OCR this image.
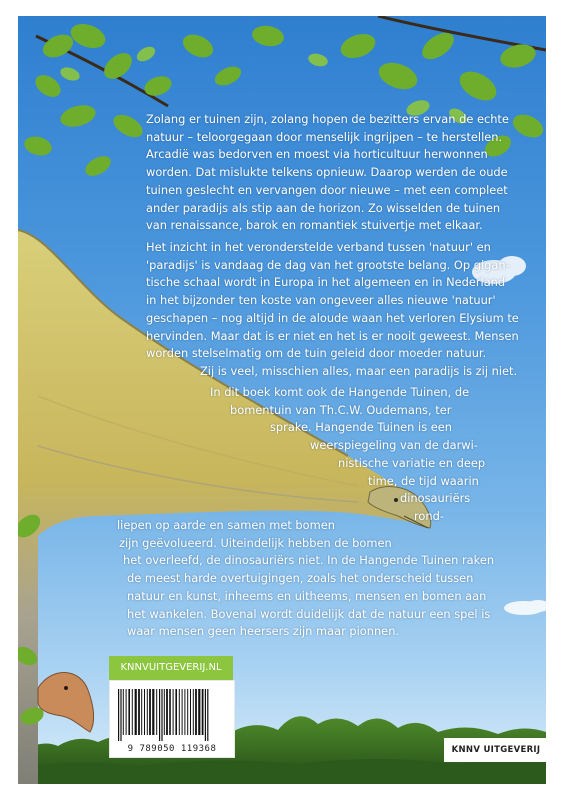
Zolang er tuinen zijn, zolang hopen de bezitters ervan de echte
natuur – teloorgegaan door menselijk ingrijpen – te herstellen.
Arcadië was bedorven en moest via horticultuur herwonnen
worden. Dat mislukte telkens opnieuw. Daarop werden de oude
tuinen geslecht en vervangen door nieuwe – met een compleet
ander paradijs als stip aan de horizon. Zo wisselden de tuinen
van renaissance, barok en romantiek stuivertje met elkaar.
Het inzicht in het veronderstelde verband tussen 'natuur' en
'paradijs' is vandaag de dag van het grootste belang. Op gigan-
tische schaal wordt in Europa in het algemeen en in Nederland
in het bijzonder ten koste van ongeveer alles nieuwe 'natuur'
geschapen – nog altijd in de aloude waan het verloren Elysium te
hervinden. Maar dat is er niet en het is er nooit geweest. Mensen
worden stelselmatig om de tuin geleid door moeder natuur.
Zij is veel, misschien alles, maar een paradijs is zij niet.
In dit boek komt ook de Hangende Tuinen, de
bomentuin van Th.C.W. Oudemans, ter
sprake. Hangende Tuinen is een
weerspiegeling van de darwi-
nistische variatie en deep
time, de tijd waarin
dinosauriërs
rond-
liepen op aarde en samen met bomen
zijn geëvolueerd. Uiteindelijk hebben de bomen
het overleefd, de dinosauriërs niet. In de Hangende Tuinen raken
de meest harde overtuigingen, zoals het onderscheid tussen
natuur en kunst, inheems en uitheems, mensen en bomen aan
het wankelen. Bovenal wordt duidelijk dat de natuur een spel is
waar mensen geen heersers zijn maar pionnen.
KNNVUITGEVERIJ.NL
9 789050 119368	KNNV UITGEVERIJ
